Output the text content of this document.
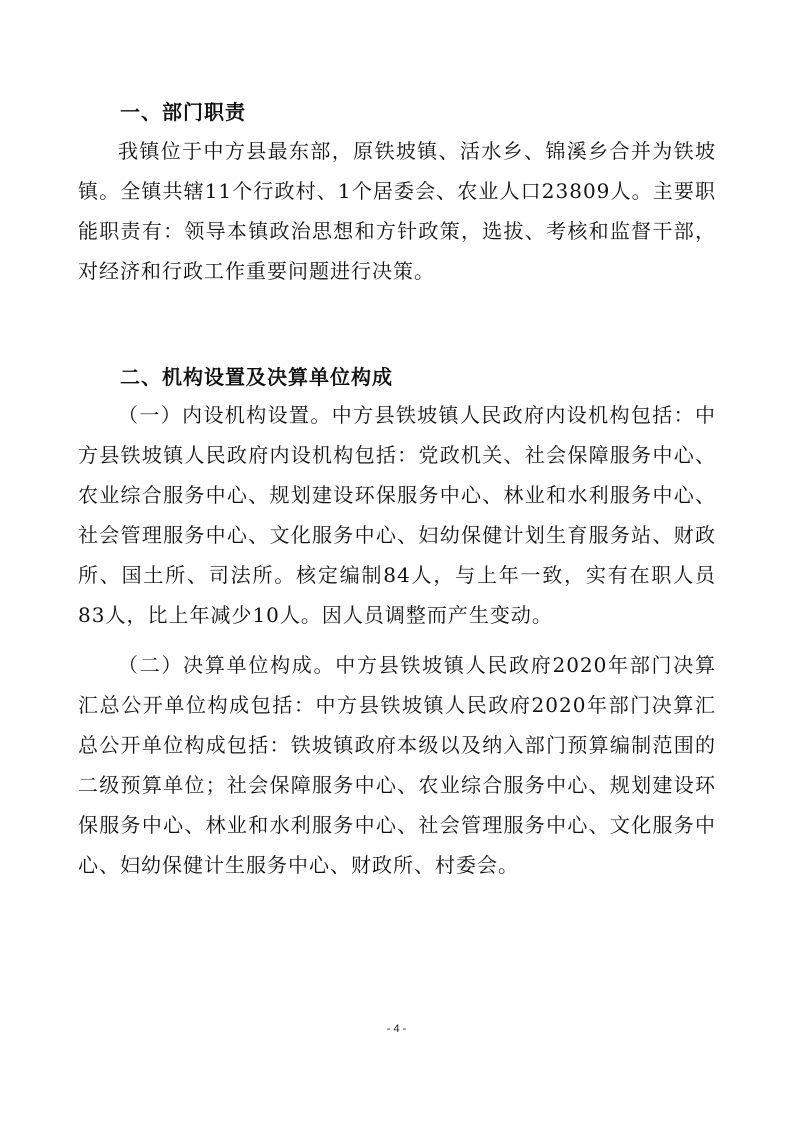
一、部门职责

我镇位于中方县最东部，原铁坡镇、活水乡、锦溪乡合并为铁坡镇。全镇共辖11个行政村、1个居委会、农业人口23809人。主要职能职责有：领导本镇政治思想和方针政策，选拔、考核和监督干部，对经济和行政工作重要问题进行决策。

二、机构设置及决算单位构成

（一）内设机构设置。中方县铁坡镇人民政府内设机构包括：中方县铁坡镇人民政府内设机构包括：党政机关、社会保障服务中心、农业综合服务中心、规划建设环保服务中心、林业和水利服务中心、社会管理服务中心、文化服务中心、妇幼保健计划生育服务站、财政所、国土所、司法所。核定编制84人，与上年一致，实有在职人员83人，比上年减少10人。因人员调整而产生变动。

（二）决算单位构成。中方县铁坡镇人民政府2020年部门决算汇总公开单位构成包括：中方县铁坡镇人民政府2020年部门决算汇总公开单位构成包括：铁坡镇政府本级以及纳入部门预算编制范围的二级预算单位；社会保障服务中心、农业综合服务中心、规划建设环保服务中心、林业和水利服务中心、社会管理服务中心、文化服务中心、妇幼保健计生服务中心、财政所、村委会。

- 4 -
